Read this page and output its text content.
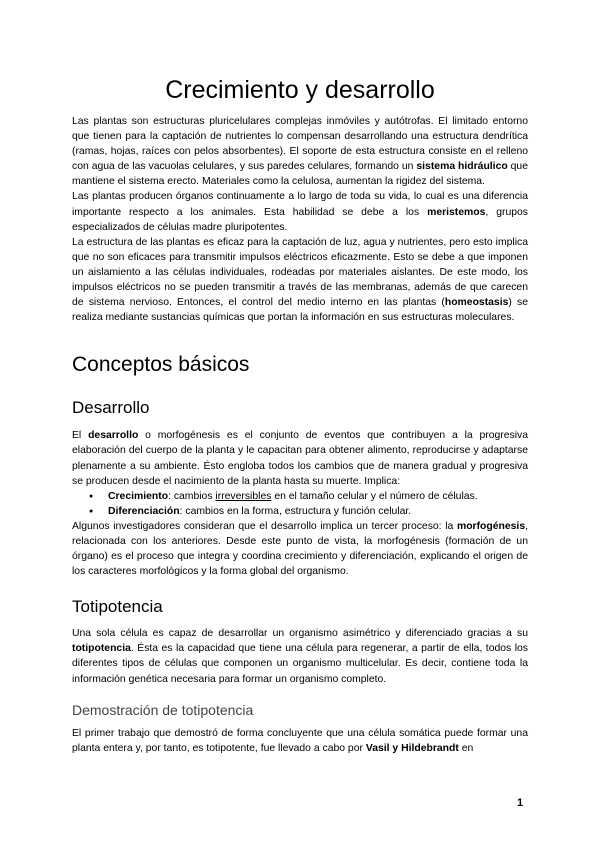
Crecimiento y desarrollo

Las plantas son estructuras pluricelulares complejas inmóviles y autótrofas. El limitado entorno que tienen para la captación de nutrientes lo compensan desarrollando una estructura dendrítica (ramas, hojas, raíces con pelos absorbentes). El soporte de esta estructura consiste en el relleno con agua de las vacuolas celulares, y sus paredes celulares, formando un sistema hidráulico que mantiene el sistema erecto. Materiales como la celulosa, aumentan la rigidez del sistema.

Las plantas producen órganos continuamente a lo largo de toda su vida, lo cual es una diferencia importante respecto a los animales. Esta habilidad se debe a los meristemos, grupos especializados de células madre pluripotentes.

La estructura de las plantas es eficaz para la captación de luz, agua y nutrientes, pero esto implica que no son eficaces para transmitir impulsos eléctricos eficazmente. Esto se debe a que imponen un aislamiento a las células individuales, rodeadas por materiales aislantes. De este modo, los impulsos eléctricos no se pueden transmitir a través de las membranas, además de que carecen de sistema nervioso. Entonces, el control del medio interno en las plantas (homeostasis) se realiza mediante sustancias químicas que portan la información en sus estructuras moleculares.

Conceptos básicos
Desarrollo

El desarrollo o morfogénesis es el conjunto de eventos que contribuyen a la progresiva elaboración del cuerpo de la planta y le capacitan para obtener alimento, reproducirse y adaptarse plenamente a su ambiente. Ésto engloba todos los cambios que de manera gradual y progresiva se producen desde el nacimiento de la planta hasta su muerte. Implica:

● Crecimiento: cambios irreversibles en el tamaño celular y el número de células.
● Diferenciación: cambios en la forma, estructura y función celular.

Algunos investigadores consideran que el desarrollo implica un tercer proceso: la morfogénesis, relacionada con los anteriores. Desde este punto de vista, la morfogénesis (formación de un órgano) es el proceso que integra y coordina crecimiento y diferenciación, explicando el origen de los caracteres morfológicos y la forma global del organismo.

Totipotencia

Una sola célula es capaz de desarrollar un organismo asimétrico y diferenciado gracias a su totipotencia. Ésta es la capacidad que tiene una célula para regenerar, a partir de ella, todos los diferentes tipos de células que componen un organismo multicelular. Es decir, contiene toda la información genética necesaria para formar un organismo completo.

Demostración de totipotencia

El primer trabajo que demostró de forma concluyente que una célula somática puede formar una planta entera y, por tanto, es totipotente, fue llevado a cabo por Vasil y Hildebrandt en

1
